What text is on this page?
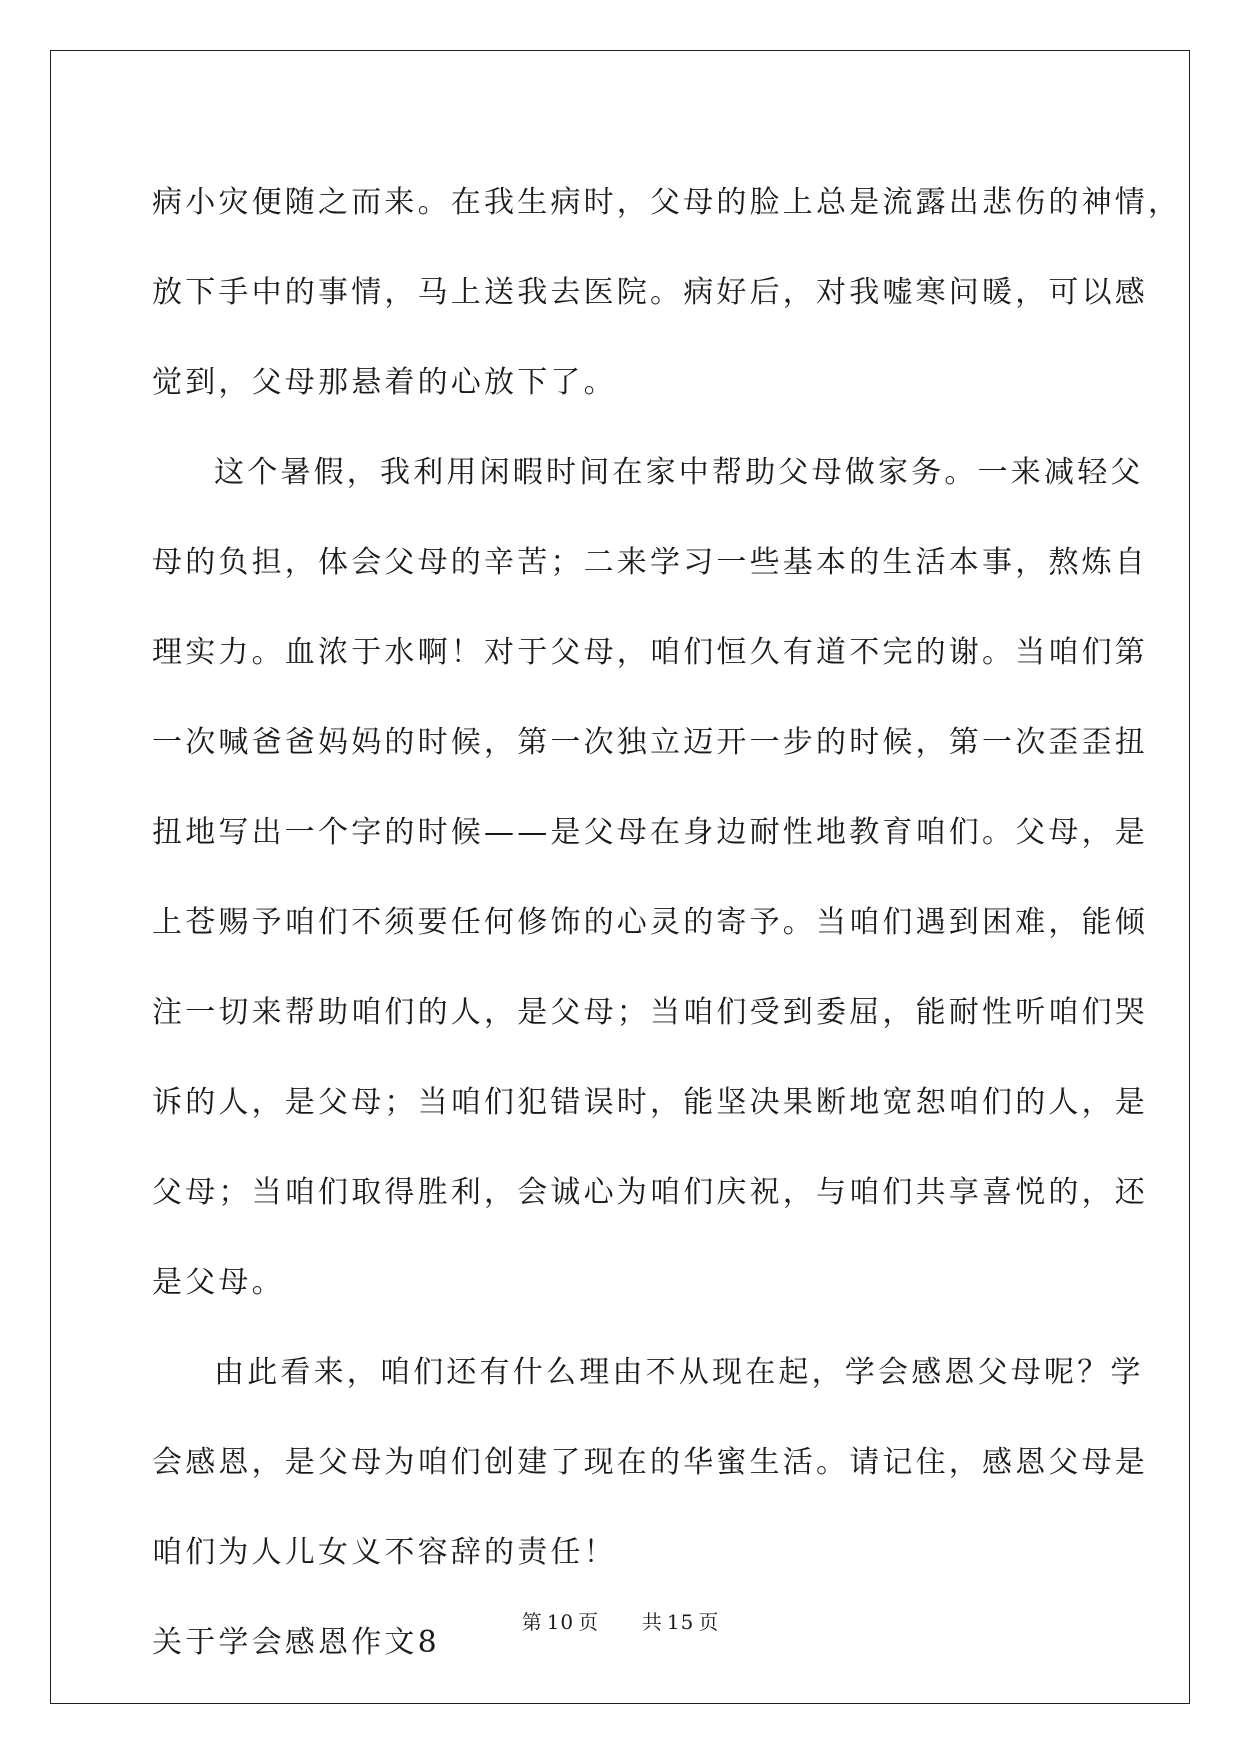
病小灾便随之而来。在我生病时，父母的脸上总是流露出悲伤的神情，
放下手中的事情，马上送我去医院。病好后，对我嘘寒问暖，可以感
觉到，父母那悬着的心放下了。
这个暑假，我利用闲暇时间在家中帮助父母做家务。一来减轻父
母的负担，体会父母的辛苦；二来学习一些基本的生活本事，熬炼自
理实力。血浓于水啊！对于父母，咱们恒久有道不完的谢。当咱们第
一次喊爸爸妈妈的时候，第一次独立迈开一步的时候，第一次歪歪扭
扭地写出一个字的时候——是父母在身边耐性地教育咱们。父母，是
上苍赐予咱们不须要任何修饰的心灵的寄予。当咱们遇到困难，能倾
注一切来帮助咱们的人，是父母；当咱们受到委屈，能耐性听咱们哭
诉的人，是父母；当咱们犯错误时，能坚决果断地宽恕咱们的人，是
父母；当咱们取得胜利，会诚心为咱们庆祝，与咱们共享喜悦的，还
是父母。
由此看来，咱们还有什么理由不从现在起，学会感恩父母呢？学
会感恩，是父母为咱们创建了现在的华蜜生活。请记住，感恩父母是
咱们为人儿女义不容辞的责任！
关于学会感恩作文8
第 10 页 共 15 页
